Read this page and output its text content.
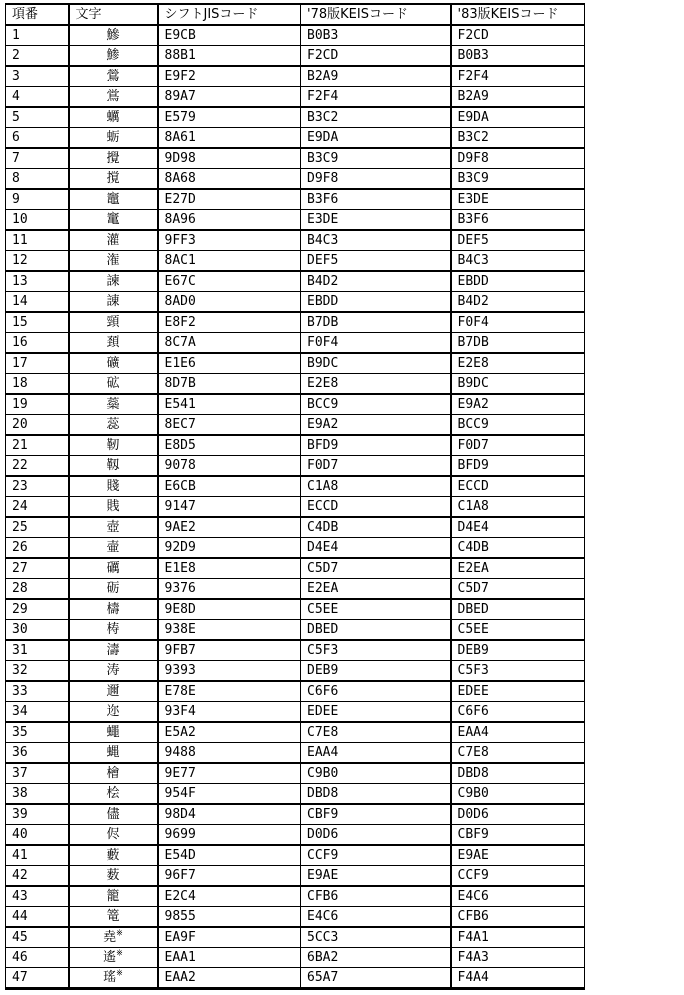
項番	文字	シフトJISコード	'78版KEISコード	'83版KEISコード
1	鰺	E9CB	B0B3	F2CD
2	鯵	88B1	F2CD	B0B3
3	鶯	E9F2	B2A9	F2F4
4	鴬	89A7	F2F4	B2A9
5	蠣	E579	B3C2	E9DA
6	蛎	8A61	E9DA	B3C2
7	攪	9D98	B3C9	D9F8
8	撹	8A68	D9F8	B3C9
9	竈	E27D	B3F6	E3DE
10	竃	8A96	E3DE	B3F6
11	灌	9FF3	B4C3	DEF5
12	潅	8AC1	DEF5	B4C3
13	諫	E67C	B4D2	EBDD
14	諌	8AD0	EBDD	B4D2
15	頸	E8F2	B7DB	F0F4
16	頚	8C7A	F0F4	B7DB
17	礦	E1E6	B9DC	E2E8
18	砿	8D7B	E2E8	B9DC
19	蘂	E541	BCC9	E9A2
20	蕊	8EC7	E9A2	BCC9
21	靭	E8D5	BFD9	F0D7
22	靱	9078	F0D7	BFD9
23	賤	E6CB	C1A8	ECCD
24	賎	9147	ECCD	C1A8
25	壺	9AE2	C4DB	D4E4
26	壷	92D9	D4E4	C4DB
27	礪	E1E8	C5D7	E2EA
28	砺	9376	E2EA	C5D7
29	檮	9E8D	C5EE	DBED
30	梼	938E	DBED	C5EE
31	濤	9FB7	C5F3	DEB9
32	涛	9393	DEB9	C5F3
33	邇	E78E	C6F6	EDEE
34	迩	93F4	EDEE	C6F6
35	蠅	E5A2	C7E8	EAA4
36	蝿	9488	EAA4	C7E8
37	檜	9E77	C9B0	DBD8
38	桧	954F	DBD8	C9B0
39	儘	98D4	CBF9	D0D6
40	侭	9699	D0D6	CBF9
41	藪	E54D	CCF9	E9AE
42	薮	96F7	E9AE	CCF9
43	籠	E2C4	CFB6	E4C6
44	篭	9855	E4C6	CFB6
45	堯※	EA9F	5CC3	F4A1
46	遙※	EAA1	6BA2	F4A3
47	瑤※	EAA2	65A7	F4A4
